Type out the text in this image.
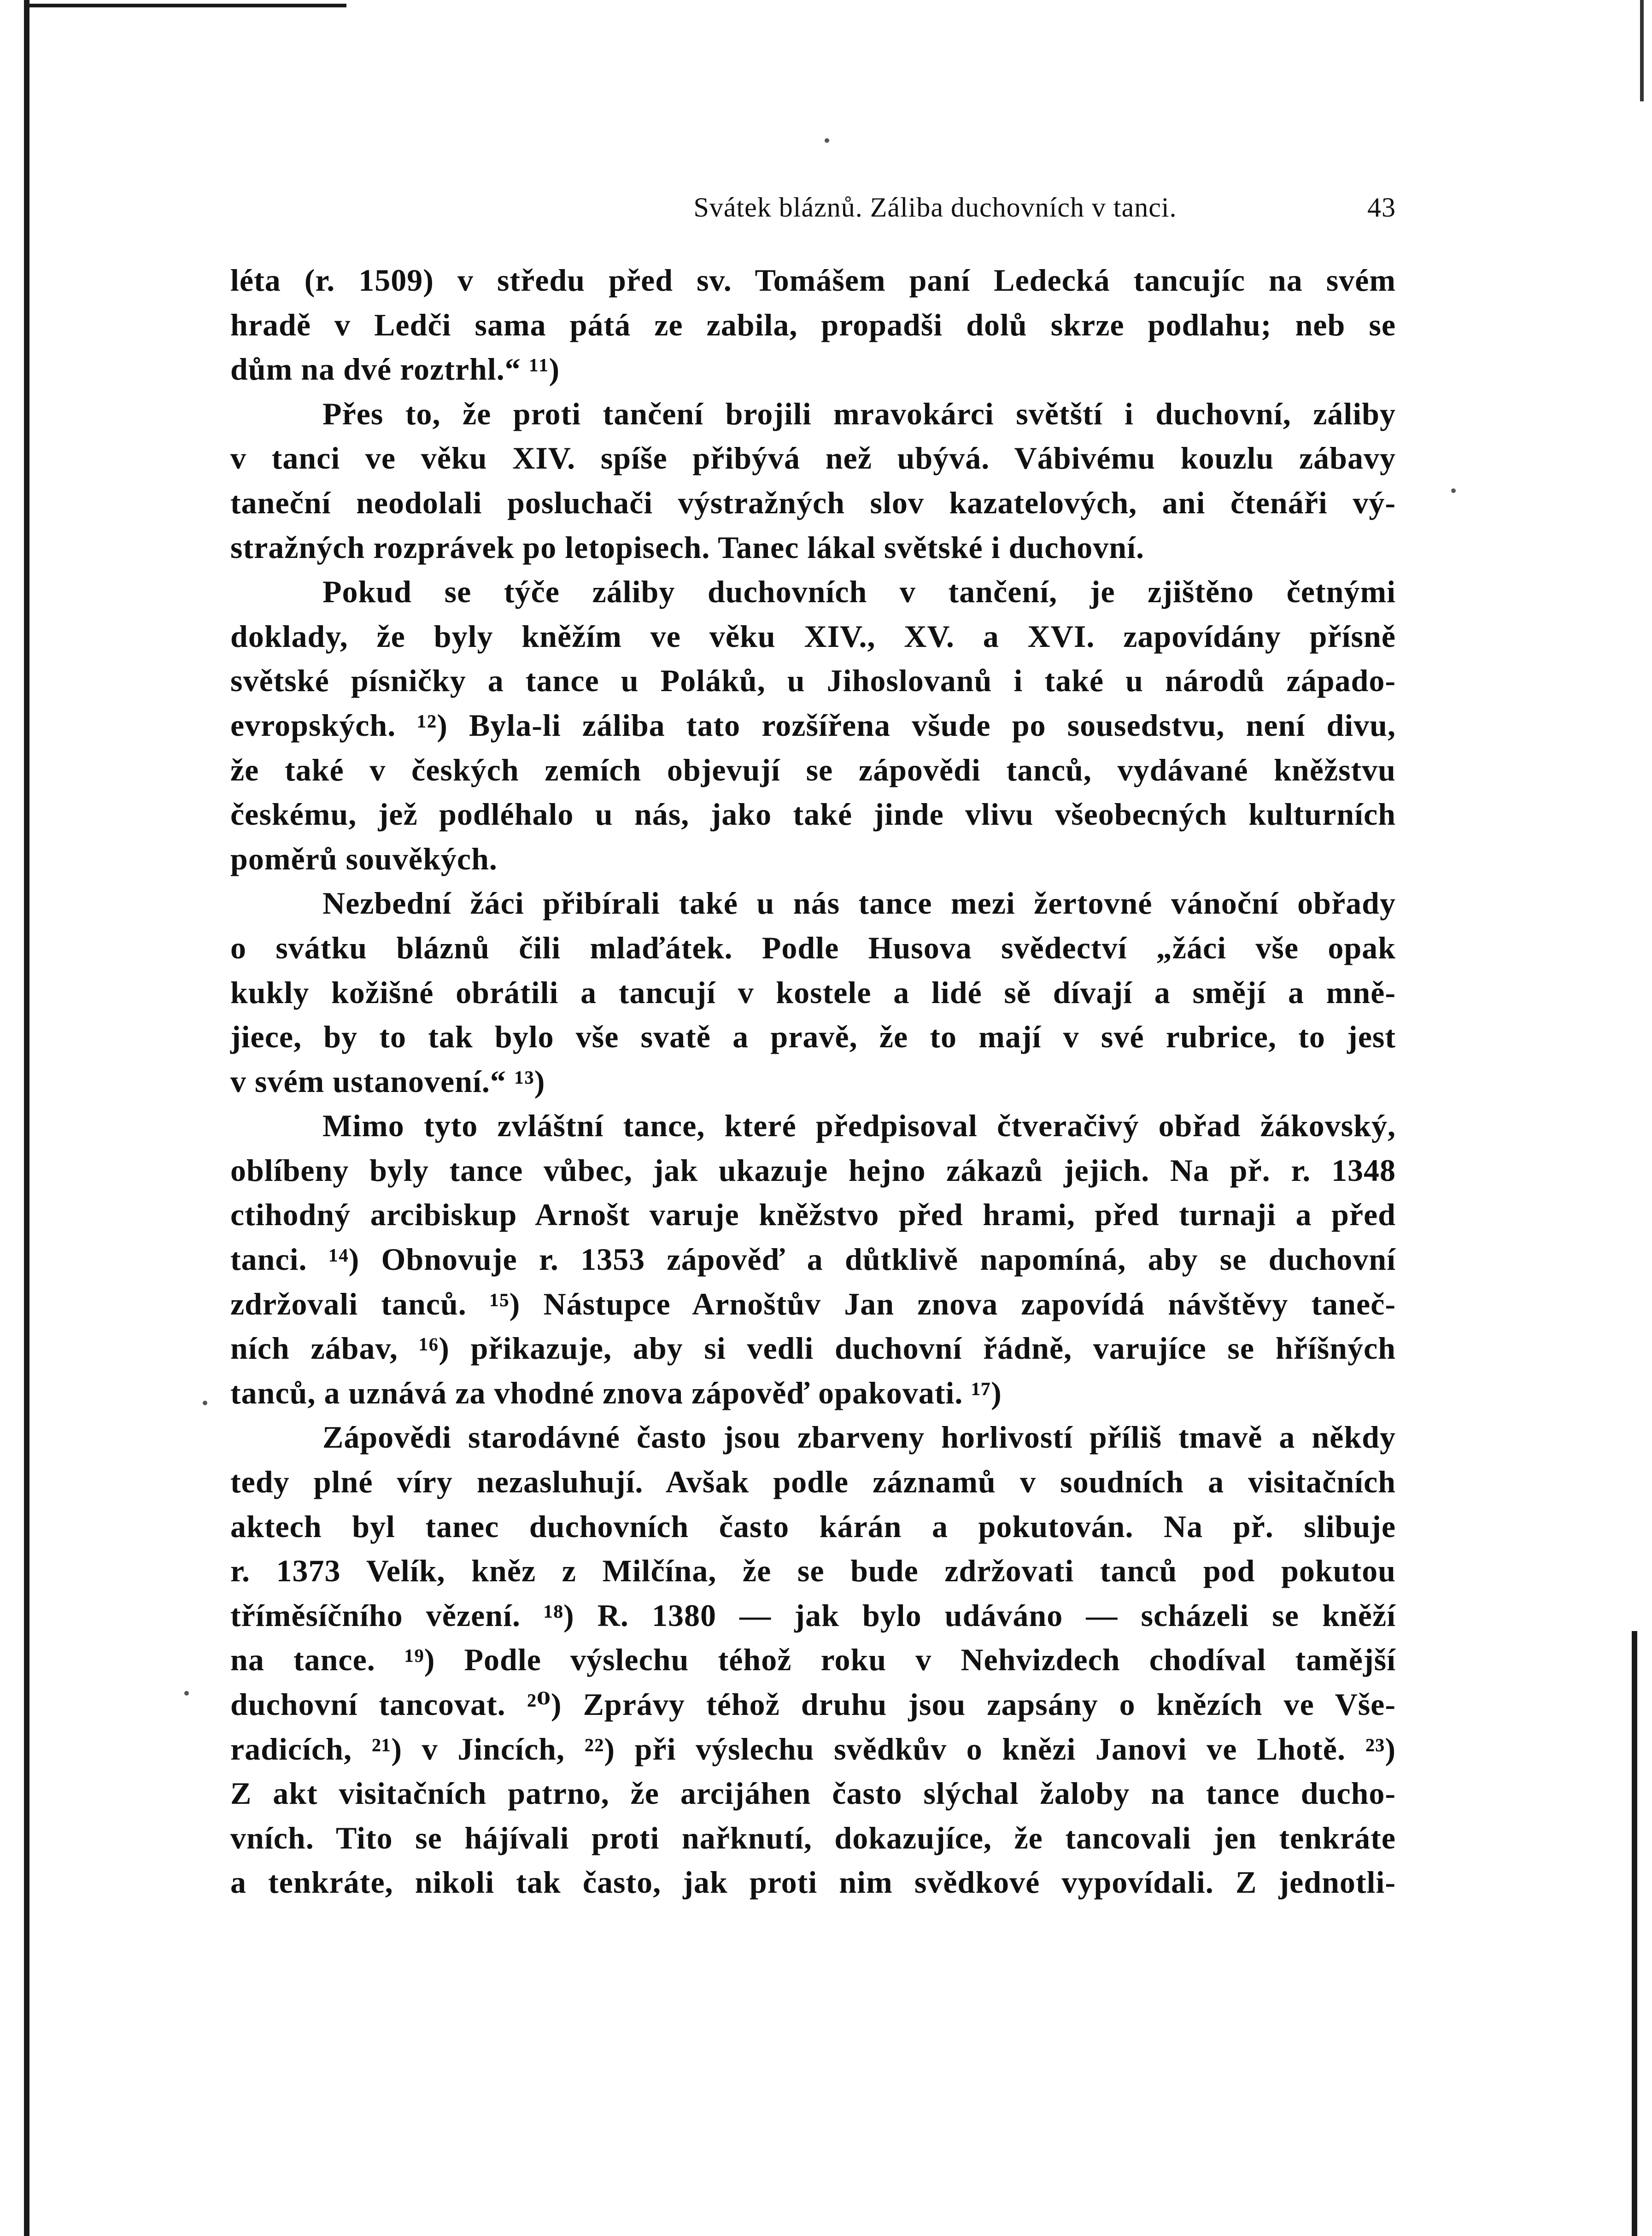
Svátek bláznů. Záliba duchovních v tanci.	43

léta (r. 1509) v středu před sv. Tomášem paní Ledecká tancujíc na svém

hradě v Ledči sama pátá ze zabila, propadši dolů skrze podlahu; neb se

dům na dvé roztrhl.“ ¹¹)

Přes to, že proti tančení brojili mravokárci světští i duchovní, záliby

v tanci ve věku XIV. spíše přibývá než ubývá. Vábivému kouzlu zábavy

taneční neodolali posluchači výstražných slov kazatelových, ani čtenáři vý-

stražných rozprávek po letopisech. Tanec lákal světské i duchovní.

Pokud se týče záliby duchovních v tančení, je zjištěno četnými

doklady, že byly kněžím ve věku XIV., XV. a XVI. zapovídány přísně

světské písničky a tance u Poláků, u Jihoslovanů i také u národů západo-

evropských. ¹²) Byla-li záliba tato rozšířena všude po sousedstvu, není divu,

že také v českých zemích objevují se zápovědi tanců, vydávané kněžstvu

českému, jež podléhalo u nás, jako také jinde vlivu všeobecných kulturních

poměrů souvěkých.

Nezbední žáci přibírali také u nás tance mezi žertovné vánoční obřady

o svátku bláznů čili mlaďátek. Podle Husova svědectví „žáci vše opak

kukly kožišné obrátili a tancují v kostele a lidé sě dívají a smějí a mně-

jiece, by to tak bylo vše svatě a pravě, že to mají v své rubrice, to jest

v svém ustanovení.“ ¹³)

Mimo tyto zvláštní tance, které předpisoval čtveračivý obřad žákovský,

oblíbeny byly tance vůbec, jak ukazuje hejno zákazů jejich. Na př. r. 1348

ctihodný arcibiskup Arnošt varuje kněžstvo před hrami, před turnaji a před

tanci. ¹⁴) Obnovuje r. 1353 zápověď a důtklivě napomíná, aby se duchovní

zdržovali tanců. ¹⁵) Nástupce Arnoštův Jan znova zapovídá návštěvy taneč-

ních zábav, ¹⁶) přikazuje, aby si vedli duchovní řádně, varujíce se hříšných

tanců, a uznává za vhodné znova zápověď opakovati. ¹⁷)

Zápovědi starodávné často jsou zbarveny horlivostí příliš tmavě a někdy

tedy plné víry nezasluhují. Avšak podle záznamů v soudních a visitačních

aktech byl tanec duchovních často kárán a pokutován. Na př. slibuje

r. 1373 Velík, kněz z Milčína, že se bude zdržovati tanců pod pokutou

tříměsíčního vězení. ¹⁸) R. 1380 — jak bylo udáváno — scházeli se kněží

na tance. ¹⁹) Podle výslechu téhož roku v Nehvizdech chodíval tamější

duchovní tancovat. ²⁰) Zprávy téhož druhu jsou zapsány o knězích ve Vše-

radicích, ²¹) v Jincích, ²²) při výslechu svědkův o knězi Janovi ve Lhotě. ²³)

Z akt visitačních patrno, že arcijáhen často slýchal žaloby na tance ducho-

vních. Tito se hájívali proti nařknutí, dokazujíce, že tancovali jen tenkráte

a tenkráte, nikoli tak často, jak proti nim svědkové vypovídali. Z jednotli-
